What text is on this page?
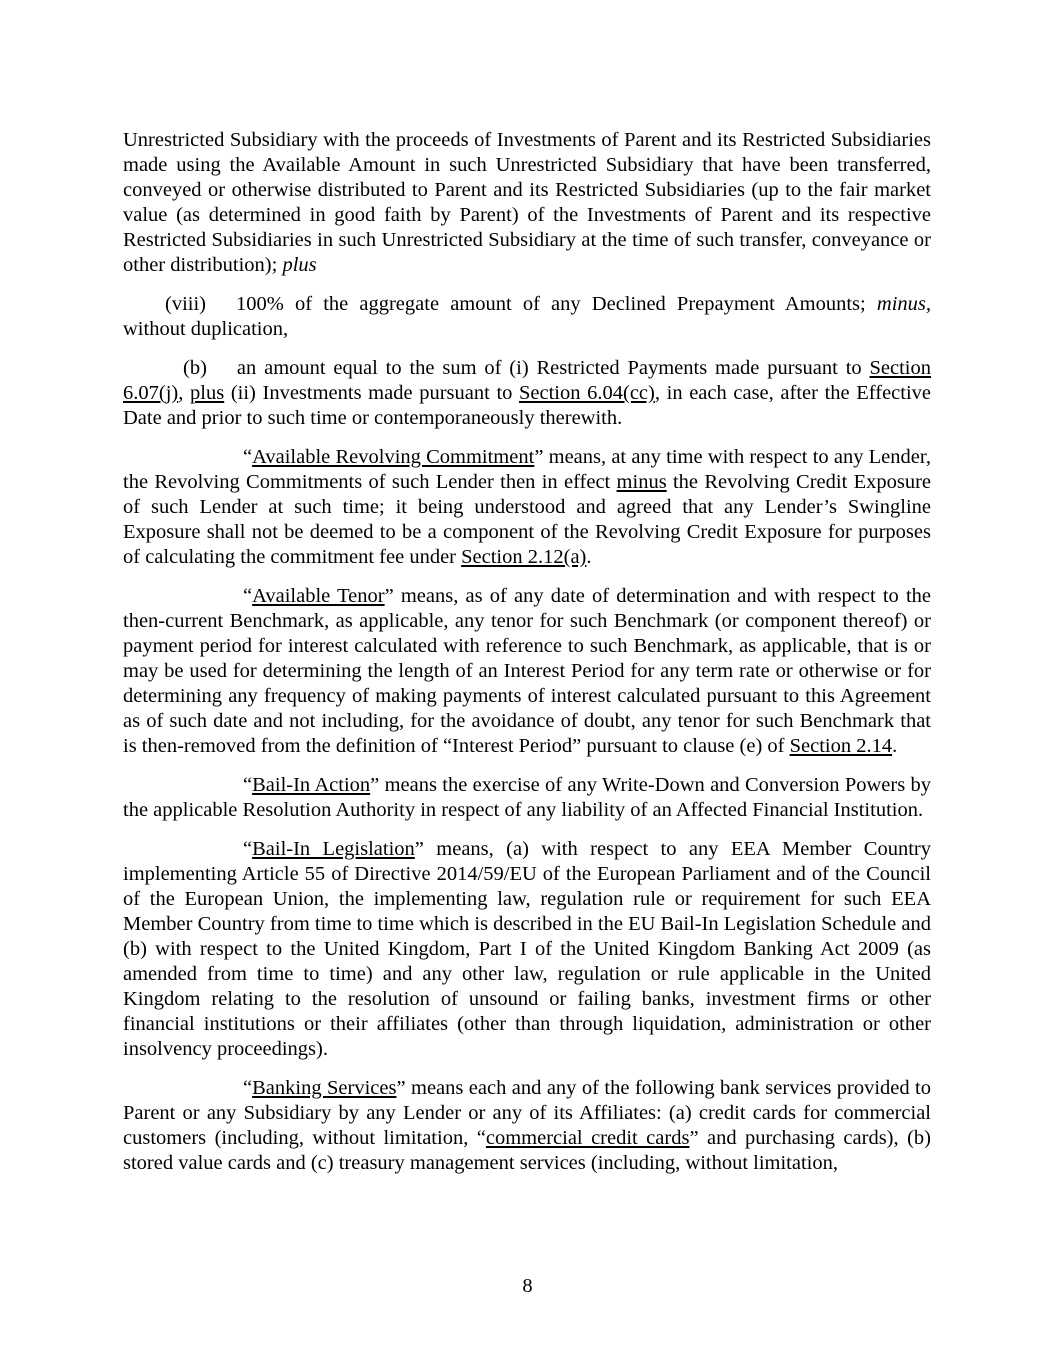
Unrestricted Subsidiary with the proceeds of Investments of Parent and its Restricted Subsidiaries made using the Available Amount in such Unrestricted Subsidiary that have been transferred, conveyed or otherwise distributed to Parent and its Restricted Subsidiaries (up to the fair market value (as determined in good faith by Parent) of the Investments of Parent and its respective Restricted Subsidiaries in such Unrestricted Subsidiary at the time of such transfer, conveyance or other distribution); plus

(viii) 100% of the aggregate amount of any Declined Prepayment Amounts; minus, without duplication,

(b) an amount equal to the sum of (i) Restricted Payments made pursuant to Section 6.07(j), plus (ii) Investments made pursuant to Section 6.04(cc), in each case, after the Effective Date and prior to such time or contemporaneously therewith.

“Available Revolving Commitment” means, at any time with respect to any Lender, the Revolving Commitments of such Lender then in effect minus the Revolving Credit Exposure of such Lender at such time; it being understood and agreed that any Lender’s Swingline Exposure shall not be deemed to be a component of the Revolving Credit Exposure for purposes of calculating the commitment fee under Section 2.12(a).

“Available Tenor” means, as of any date of determination and with respect to the then-current Benchmark, as applicable, any tenor for such Benchmark (or component thereof) or payment period for interest calculated with reference to such Benchmark, as applicable, that is or may be used for determining the length of an Interest Period for any term rate or otherwise or for determining any frequency of making payments of interest calculated pursuant to this Agreement as of such date and not including, for the avoidance of doubt, any tenor for such Benchmark that is then-removed from the definition of “Interest Period” pursuant to clause (e) of Section 2.14.

“Bail-In Action” means the exercise of any Write-Down and Conversion Powers by the applicable Resolution Authority in respect of any liability of an Affected Financial Institution.

“Bail-In Legislation” means, (a) with respect to any EEA Member Country implementing Article 55 of Directive 2014/59/EU of the European Parliament and of the Council of the European Union, the implementing law, regulation rule or requirement for such EEA Member Country from time to time which is described in the EU Bail-In Legislation Schedule and (b) with respect to the United Kingdom, Part I of the United Kingdom Banking Act 2009 (as amended from time to time) and any other law, regulation or rule applicable in the United Kingdom relating to the resolution of unsound or failing banks, investment firms or other financial institutions or their affiliates (other than through liquidation, administration or other insolvency proceedings).

“Banking Services” means each and any of the following bank services provided to Parent or any Subsidiary by any Lender or any of its Affiliates: (a) credit cards for commercial customers (including, without limitation, “commercial credit cards” and purchasing cards), (b) stored value cards and (c) treasury management services (including, without limitation,

8
